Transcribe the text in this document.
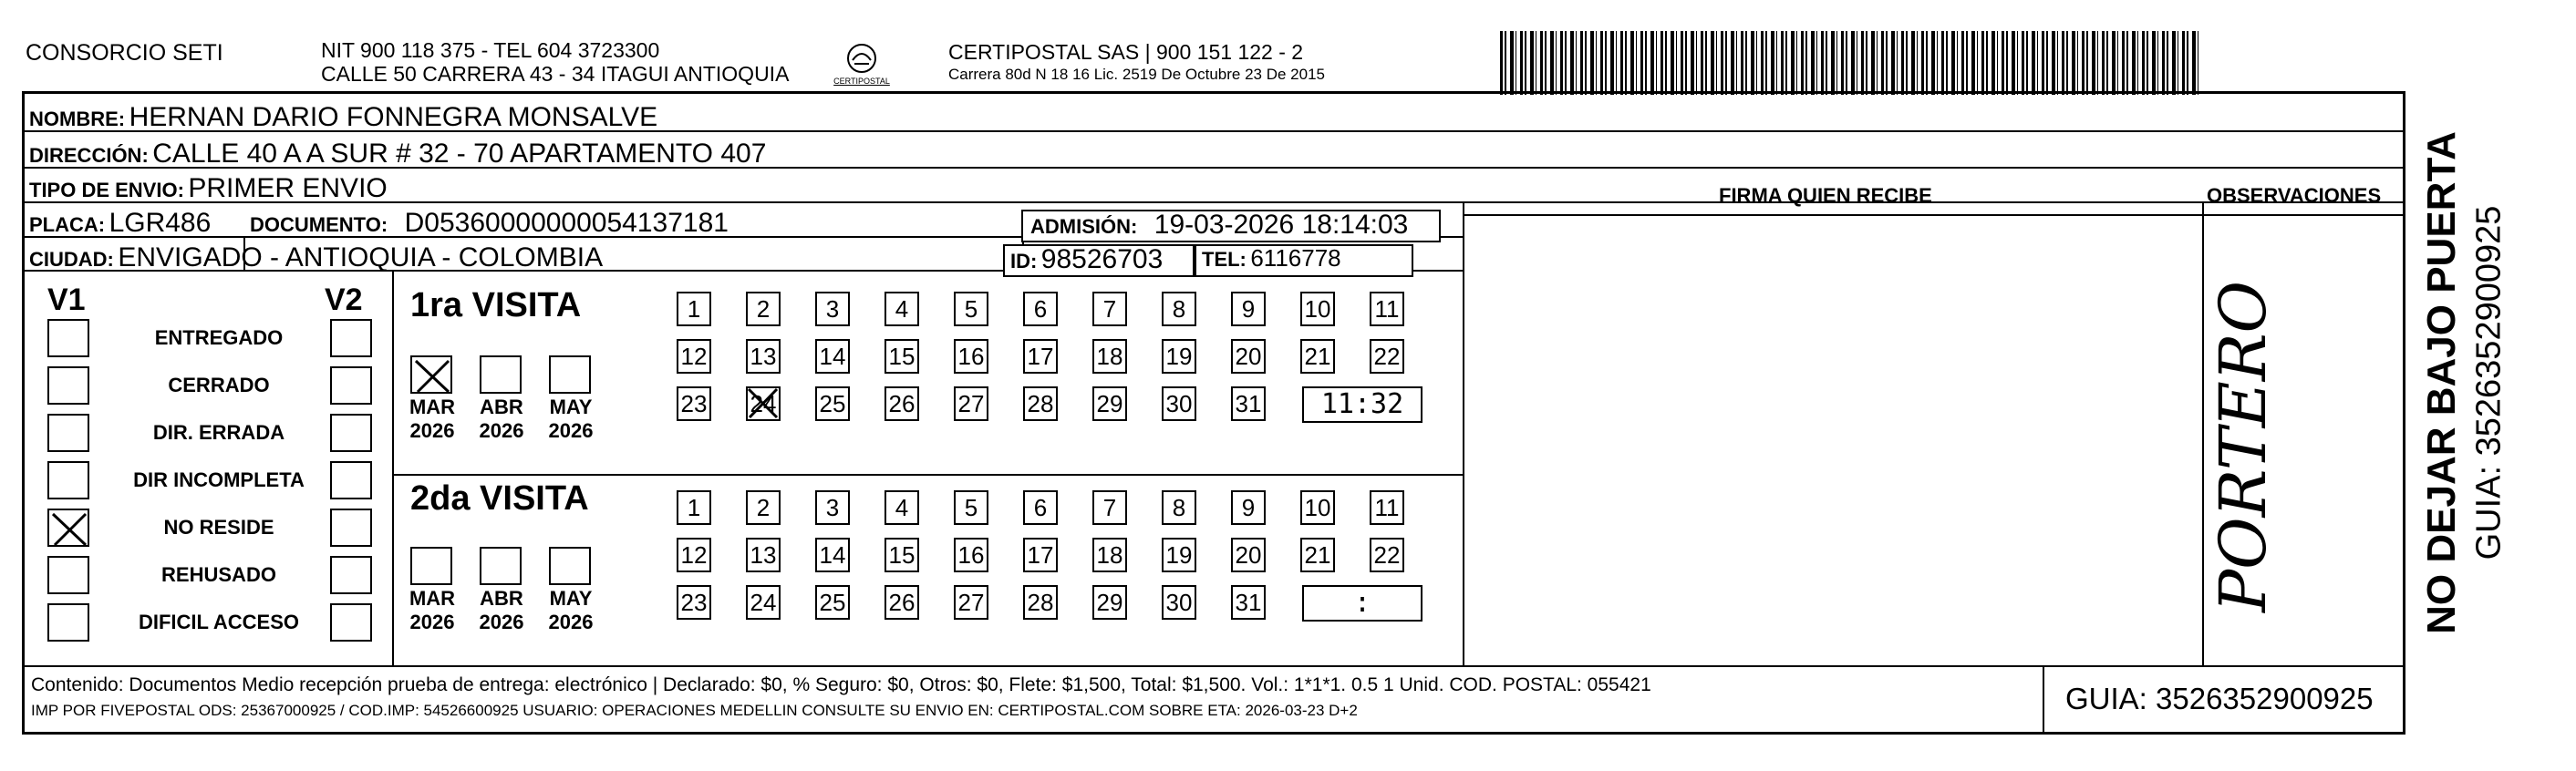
CONSORCIO SETI	NIT 900 118 375 - TEL 604 3723300
CALLE 50 CARRERA 43 - 34 ITAGUI ANTIOQUIA	CERTIPOSTAL
CERTIPOSTAL SAS | 900 151 122 - 2
Carrera 80d N 18 16 Lic. 2519 De Octubre 23 De 2015
NOMBRE: HERNAN DARIO FONNEGRA MONSALVE
DIRECCIÓN: CALLE 40 A A SUR # 32 - 70 APARTAMENTO 407
TIPO DE ENVIO: PRIMER ENVIO	FIRMA QUIEN RECIBE	OBSERVACIONES
PLACA: LGR486 DOCUMENTO: D05360000000054137181	ADMISIÓN: 19-03-2026 18:14:03
CIUDAD: ENVIGADO - ANTIOQUIA - COLOMBIA	ID: 98526703 TEL: 6116778
V1	V2
ENTREGADO
CERRADO
DIR. ERRADA
DIR INCOMPLETA
NO RESIDE
REHUSADO
DIFICIL ACCESO
1ra VISITA
2da VISITA
MAR
2026
ABR
2026
MAY
2026
MAR
2026
ABR
2026
MAY
2026
1	2	3	4	5	6	7	8	9	10 11
12 13 14 15 16 17 18 19 20 21 22
23 24 25 26 27 28 29 30 31	11:32
1	2	3	4	5	6	7	8	9	10 11
12 13 14 15 16 17 18 19 20 21 22
23 24 25 26 27 28 29 30 31	:	PORTERO
Contenido: Documentos Medio recepción prueba de entrega: electrónico | Declarado: $0, % Seguro: $0, Otros: $0, Flete: $1,500, Total: $1,500. Vol.: 1*1*1. 0.5 1 Unid. COD. POSTAL: 055421
IMP POR FIVEPOSTAL ODS: 25367000925 / COD.IMP: 54526600925 USUARIO: OPERACIONES MEDELLIN CONSULTE SU ENVIO EN: CERTIPOSTAL.COM SOBRE ETA: 2026-03-23 D+2	GUIA: 3526352900925
NO DEJAR BAJO PUERTA GUIA: 3526352900925
